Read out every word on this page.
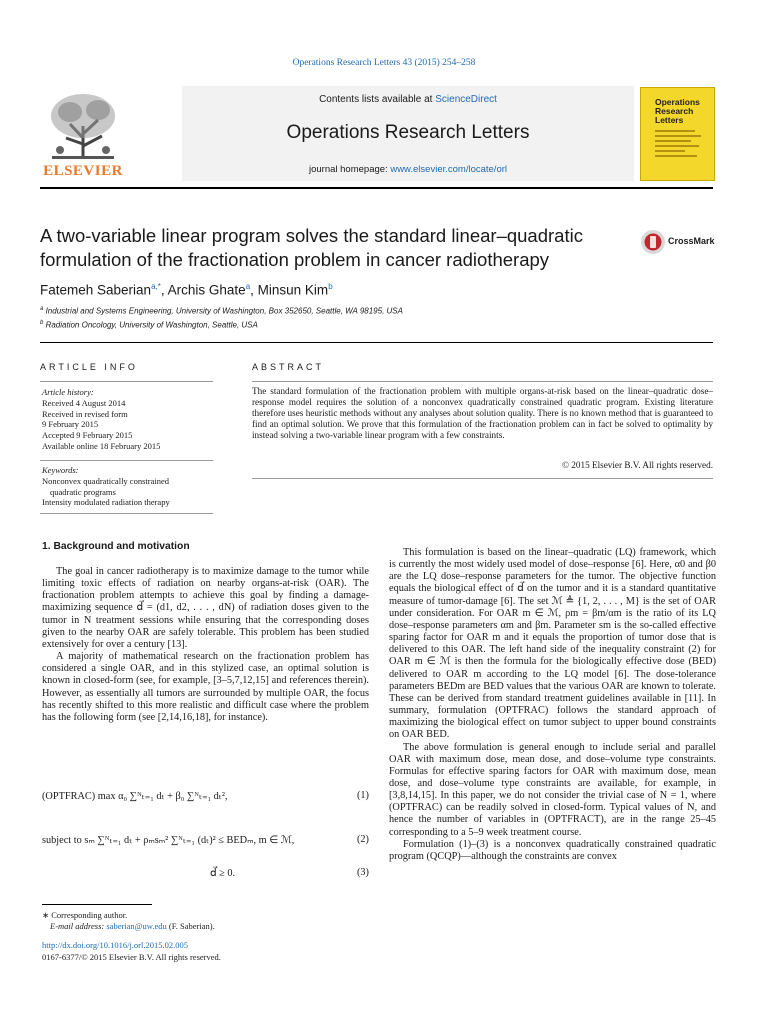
Operations Research Letters 43 (2015) 254–258
Contents lists available at ScienceDirect
Operations Research Letters
journal homepage: www.elsevier.com/locate/orl
ELSEVIER
Operations Research Letters
A two-variable linear program solves the standard linear–quadratic formulation of the fractionation problem in cancer radiotherapy
CrossMark
Fatemeh Saberian$^{a,*}$, Archis Ghate$^a$, Minsun Kim$^b$
$^a$ Industrial and Systems Engineering, University of Washington, Box 352650, Seattle, WA 98195, USA
$^b$ Radiation Oncology, University of Washington, Seattle, USA
ARTICLE INFO	ABSTRACT
Article history:
Received 4 August 2014
Received in revised form
9 February 2015
Accepted 9 February 2015
Available online 18 February 2015
Keywords:
Nonconvex quadratically constrained
quadratic programs
Intensity modulated radiation therapy
The standard formulation of the fractionation problem with multiple organs-at-risk based on the linear–quadratic dose–response model requires the solution of a nonconvex quadratically constrained quadratic program. Existing literature therefore uses heuristic methods without any analyses about solution quality. There is no known method that is guaranteed to find an optimal solution. We prove that this formulation of the fractionation problem can in fact be solved to optimality by instead solving a two-variable linear program with a few constraints.
© 2015 Elsevier B.V. All rights reserved.
1. Background and motivation

The goal in cancer radiotherapy is to maximize damage to the tumor while limiting toxic effects of radiation on nearby organs-at-risk (OAR). The fractionation problem attempts to achieve this goal by finding a damage-maximizing sequence d⃗ = (d1, d2, . . . , dN) of radiation doses given to the tumor in N treatment sessions while ensuring that the corresponding doses given to the nearby OAR are safely tolerable. This problem has been studied extensively for over a century [13].

A majority of mathematical research on the fractionation problem has considered a single OAR, and in this stylized case, an optimal solution is known in closed-form (see, for example, [3–5,7,12,15] and references therein). However, as essentially all tumors are surrounded by multiple OAR, the focus has recently shifted to this more realistic and difficult case where the problem has the following form (see [2,14,16,18], for instance).

(OPTFRAC) max α₀ ∑ᴺₜ₌₁ dₜ + β₀ ∑ᴺₜ₌₁ dₜ²,	(1)
subject to sₘ ∑ᴺₜ₌₁ dₜ + ρₘsₘ² ∑ᴺₜ₌₁ (dₜ)² ≤ BEDₘ, m ∈ ℳ,	(2)
d⃗ ≥ 0.	(3)

This formulation is based on the linear–quadratic (LQ) framework, which is currently the most widely used model of dose–response [6]. Here, α0 and β0 are the LQ dose–response parameters for the tumor. The objective function equals the biological effect of d⃗ on the tumor and it is a standard quantitative measure of tumor-damage [6]. The set ℳ ≜ {1, 2, . . . , M} is the set of OAR under consideration. For OAR m ∈ ℳ, ρm = βm/αm is the ratio of its LQ dose–response parameters αm and βm. Parameter sm is the so-called effective sparing factor for OAR m and it equals the proportion of tumor dose that is delivered to this OAR. The left hand side of the inequality constraint (2) for OAR m ∈ ℳ is then the formula for the biologically effective dose (BED) delivered to OAR m according to the LQ model [6]. The dose-tolerance parameters BEDm are BED values that the various OAR are known to tolerate. These can be derived from standard treatment guidelines available in [11]. In summary, formulation (OPTFRAC) follows the standard approach of maximizing the biological effect on tumor subject to upper bound constraints on OAR BED.

The above formulation is general enough to include serial and parallel OAR with maximum dose, mean dose, and dose–volume type constraints. Formulas for effective sparing factors for OAR with maximum dose, mean dose, and dose–volume type constraints are available, for example, in [3,8,14,15]. In this paper, we do not consider the trivial case of N = 1, where (OPTFRAC) can be readily solved in closed-form. Typical values of N, and hence the number of variables in (OPTFRACT), are in the range 25–45 corresponding to a 5–9 week treatment course.

Formulation (1)–(3) is a nonconvex quadratically constrained quadratic program (QCQP)—although the constraints are convex

∗ Corresponding author.
E-mail address: saberian@uw.edu (F. Saberian).
http://dx.doi.org/10.1016/j.orl.2015.02.005
0167-6377/© 2015 Elsevier B.V. All rights reserved.
